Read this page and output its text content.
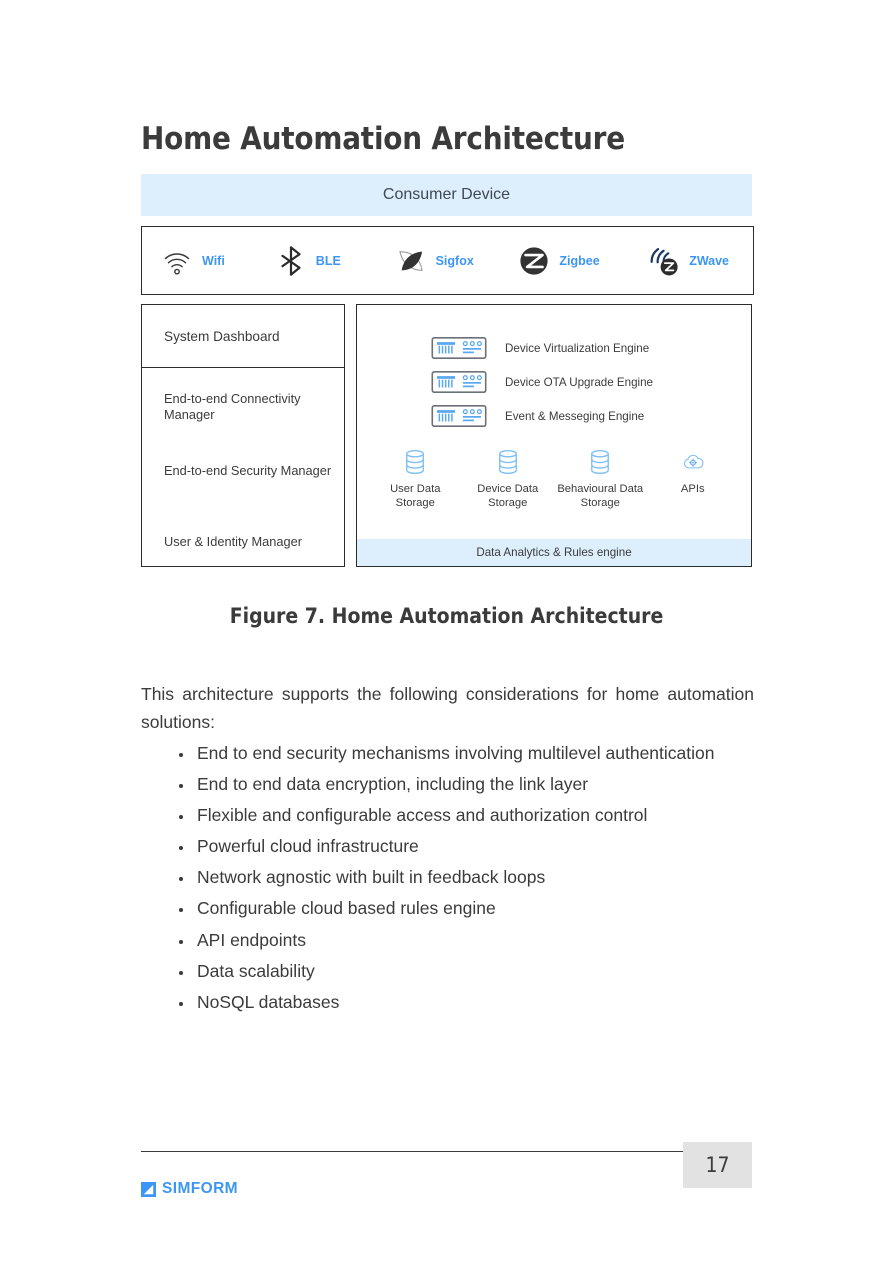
Home Automation Architecture
Consumer Device
Wifi	BLE	Sigfox	Zigbee	ZWave
System Dashboard
End-to-end Connectivity Manager
End-to-end Security Manager
User & Identity Manager
Device Virtualization Engine
Device OTA Upgrade Engine
Event & Messeging Engine
User Data Storage
Device Data Storage
Behavioural Data Storage
APIs
Data Analytics & Rules engine
Figure 7. Home Automation Architecture

This architecture supports the following considerations for home automation solutions:

End to end security mechanisms involving multilevel authentication
End to end data encryption, including the link layer
Flexible and configurable access and authorization control
Powerful cloud infrastructure
Network agnostic with built in feedback loops
Configurable cloud based rules engine
API endpoints
Data scalability
NoSQL databases
17
SIMFORM
